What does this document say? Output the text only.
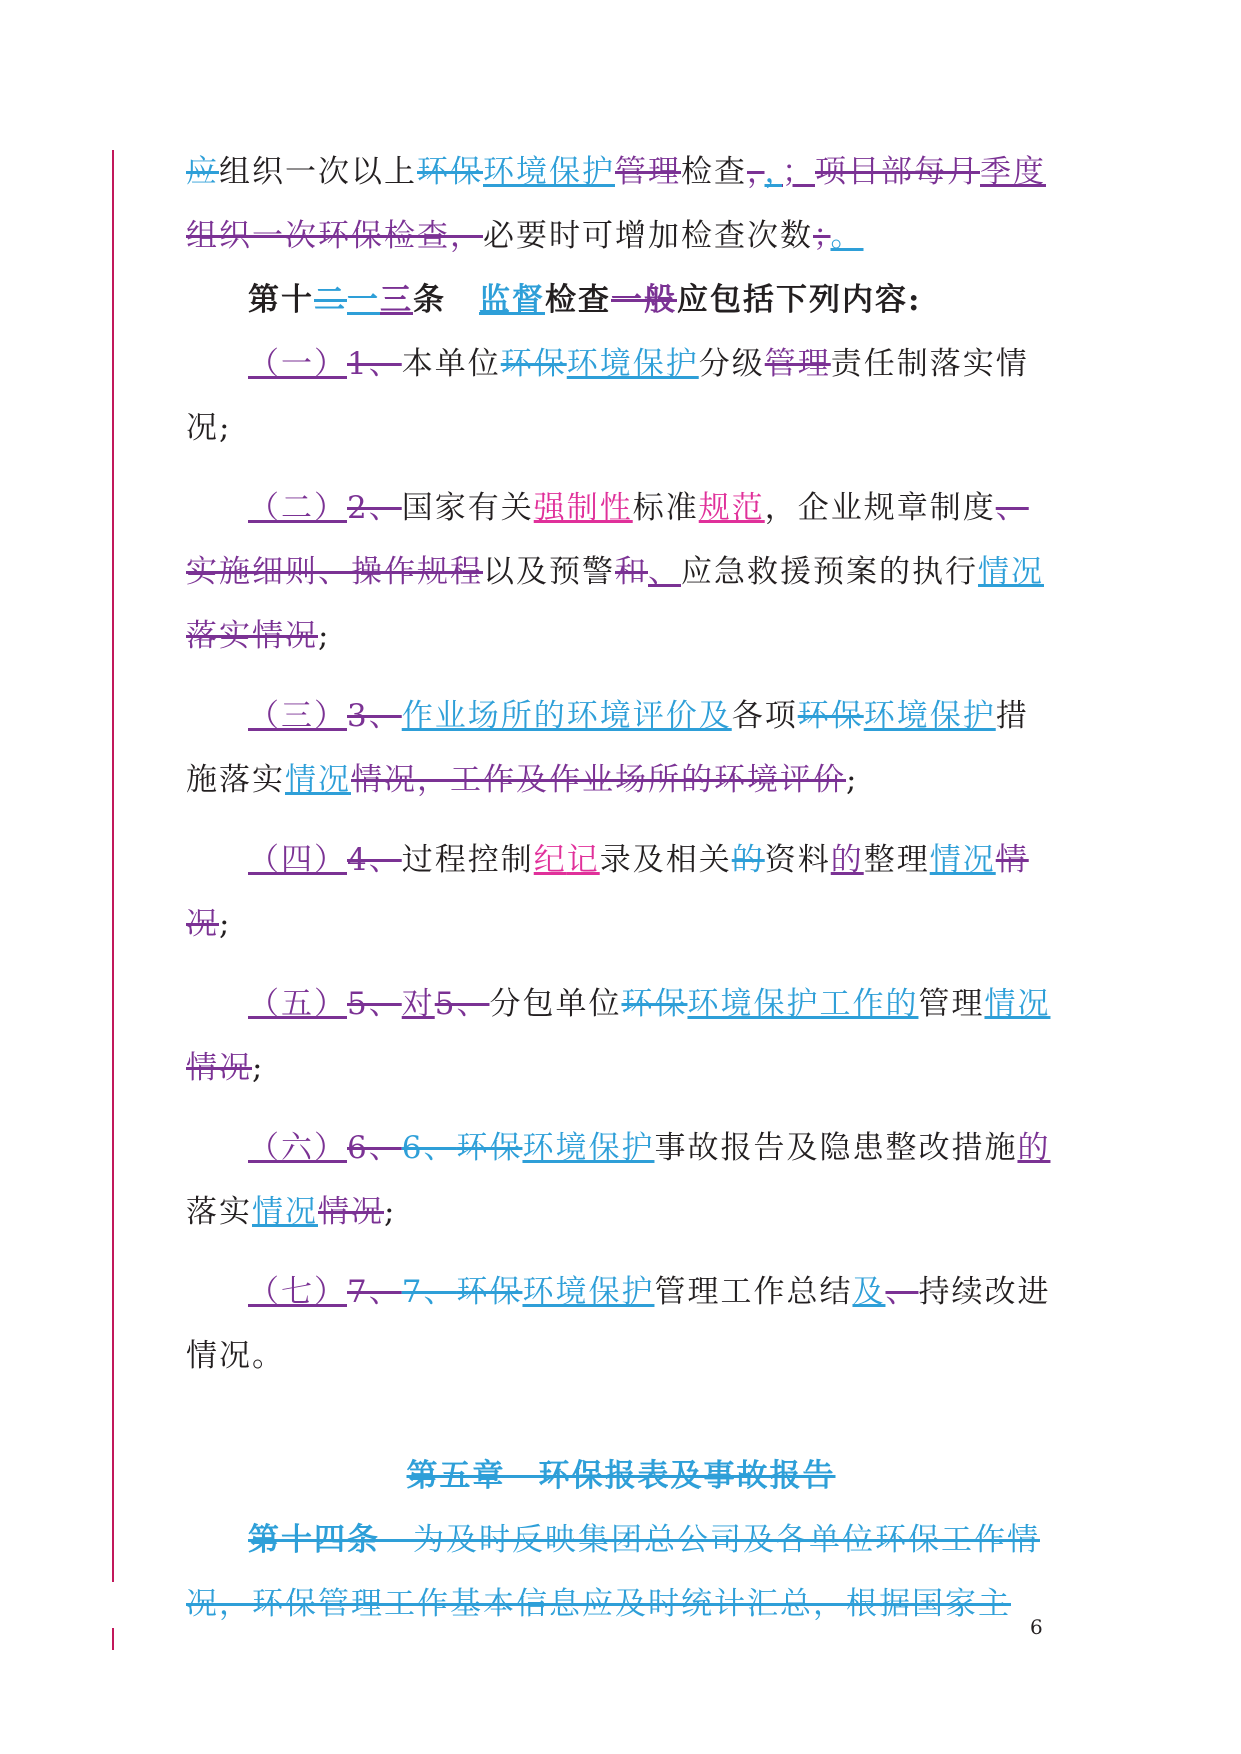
应组织一次以上环保环境保护管理检查，，；项目部每月季度组织一次环保检查，必要时可增加检查次数；。

第十二一三条　监督检查一般应包括下列内容:

（一）1、本单位环保环境保护分级管理责任制落实情况;

（二）2、国家有关强制性标准规范，企业规章制度、实施细则、操作规程以及预警和、应急救援预案的执行情况落实情况;

（三）3、作业场所的环境评价及各项环保环境保护措施落实情况情况，工作及作业场所的环境评价;

（四）4、过程控制纪记录及相关的资料的整理情况情况;

（五）5、对5、分包单位环保环境保护工作的管理情况情况;

（六）6、6、环保环境保护事故报告及隐患整改措施的落实情况情况;

（七）7、7、环保环境保护管理工作总结及、持续改进情况。

第五章　环保报表及事故报告

第十四条　为及时反映集团总公司及各单位环保工作情况，环保管理工作基本信息应及时统计汇总，根据国家主

6
